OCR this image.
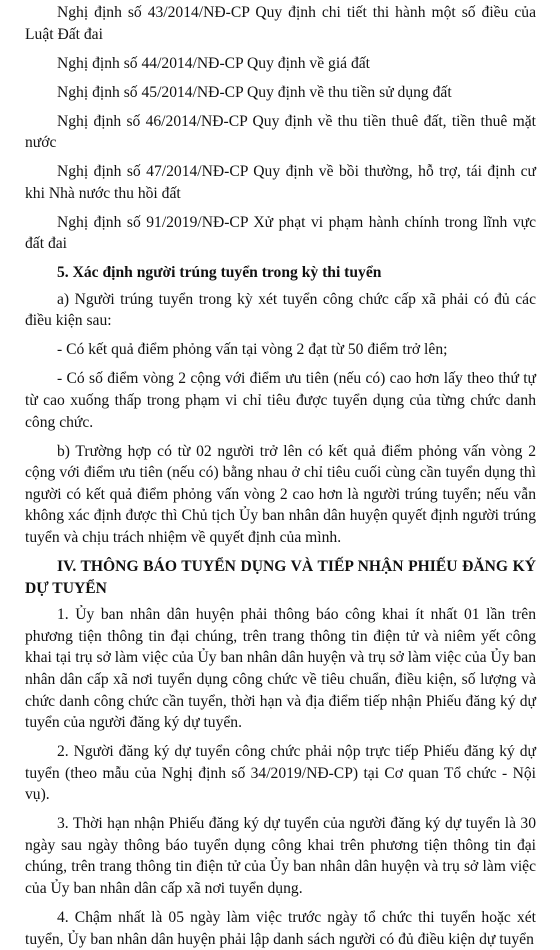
Nghị định số 43/2014/NĐ-CP Quy định chi tiết thi hành một số điều của Luật Đất đai

Nghị định số 44/2014/NĐ-CP Quy định về giá đất

Nghị định số 45/2014/NĐ-CP Quy định về thu tiền sử dụng đất

Nghị định số 46/2014/NĐ-CP Quy định về thu tiền thuê đất, tiền thuê mặt nước

Nghị định số 47/2014/NĐ-CP Quy định về bồi thường, hỗ trợ, tái định cư khi Nhà nước thu hồi đất

Nghị định số 91/2019/NĐ-CP Xử phạt vi phạm hành chính trong lĩnh vực đất đai

5. Xác định người trúng tuyển trong kỳ thi tuyển

a) Người trúng tuyển trong kỳ xét tuyển công chức cấp xã phải có đủ các điều kiện sau:

- Có kết quả điểm phỏng vấn tại vòng 2 đạt từ 50 điểm trở lên;

- Có số điểm vòng 2 cộng với điểm ưu tiên (nếu có) cao hơn lấy theo thứ tự từ cao xuống thấp trong phạm vi chỉ tiêu được tuyển dụng của từng chức danh công chức.

b) Trường hợp có từ 02 người trở lên có kết quả điểm phỏng vấn vòng 2 cộng với điểm ưu tiên (nếu có) bằng nhau ở chỉ tiêu cuối cùng cần tuyển dụng thì người có kết quả điểm phỏng vấn vòng 2 cao hơn là người trúng tuyển; nếu vẫn không xác định được thì Chủ tịch Ủy ban nhân dân huyện quyết định người trúng tuyển và chịu trách nhiệm về quyết định của mình.

IV. THÔNG BÁO TUYỂN DỤNG VÀ TIẾP NHẬN PHIẾU ĐĂNG KÝ DỰ TUYỂN

1. Ủy ban nhân dân huyện phải thông báo công khai ít nhất 01 lần trên phương tiện thông tin đại chúng, trên trang thông tin điện tử và niêm yết công khai tại trụ sở làm việc của Ủy ban nhân dân huyện và trụ sở làm việc của Ủy ban nhân dân cấp xã nơi tuyển dụng công chức về tiêu chuẩn, điều kiện, số lượng và chức danh công chức cần tuyển, thời hạn và địa điểm tiếp nhận Phiếu đăng ký dự tuyển của người đăng ký dự tuyển.

2. Người đăng ký dự tuyển công chức phải nộp trực tiếp Phiếu đăng ký dự tuyển (theo mẫu của Nghị định số 34/2019/NĐ-CP) tại Cơ quan Tổ chức - Nội vụ).

3. Thời hạn nhận Phiếu đăng ký dự tuyển của người đăng ký dự tuyển là 30 ngày sau ngày thông báo tuyển dụng công khai trên phương tiện thông tin đại chúng, trên trang thông tin điện tử của Ủy ban nhân dân huyện và trụ sở làm việc của Ủy ban nhân dân cấp xã nơi tuyển dụng.

4. Chậm nhất là 05 ngày làm việc trước ngày tổ chức thi tuyển hoặc xét tuyển, Ủy ban nhân dân huyện phải lập danh sách người có đủ điều kiện dự tuyển
